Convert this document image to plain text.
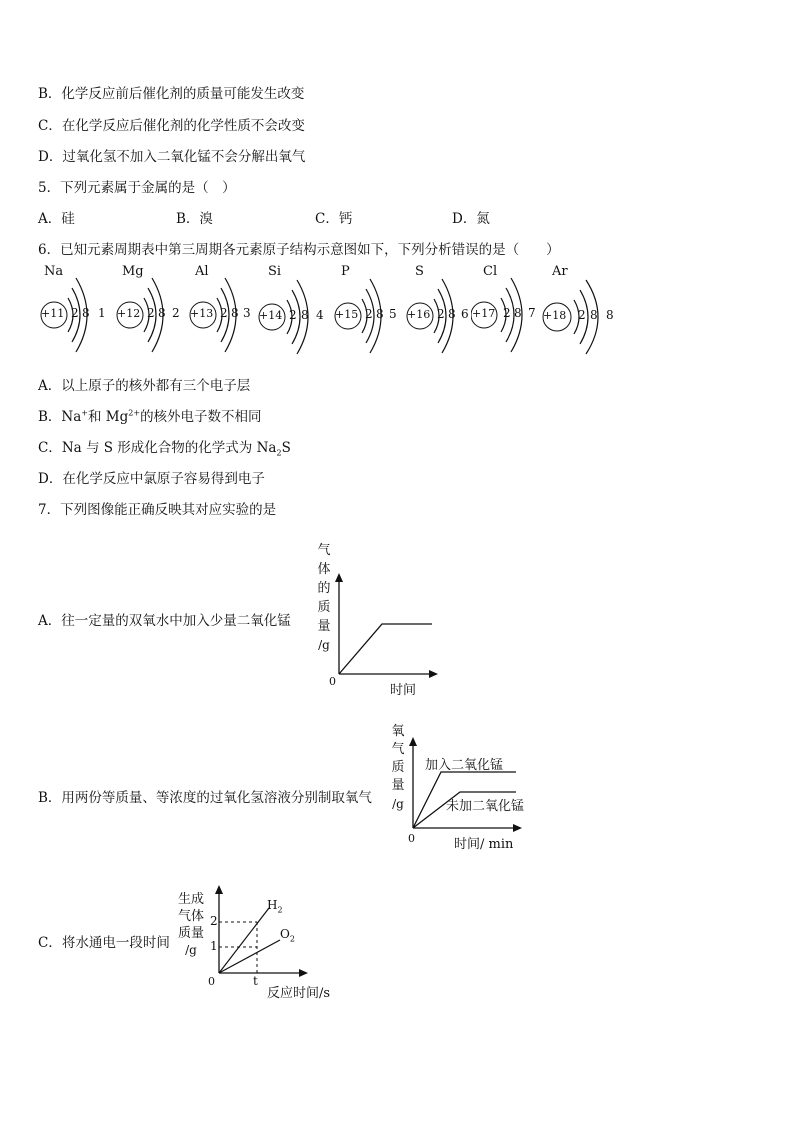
B．化学反应前后催化剂的质量可能发生改变
C．在化学反应后催化剂的化学性质不会改变
D．过氧化氢不加入二氧化锰不会分解出氧气
5．下列元素属于金属的是（　）
A．硅	B．溴	C．钙	D．氮
6．已知元素周期表中第三周期各元素原子结构示意图如下，下列分析错误的是（　　）
Na
+11 2 8 1
Mg
+12 2 8 2
Al
+13 2 8 3
Si
+14 2 8 4
P
+15 2 8 5
S
+16 2 8 6
Cl
+17 2 8 7
Ar
+18 2 8 8
A．以上原子的核外都有三个电子层
B．Na+和 $Mg^{2+}$的核外电子数不相同
C．Na 与 S 形成化合物的化学式为 $Na_2S$
D．在化学反应中氯原子容易得到电子
7．下列图像能正确反映其对应实验的是
A．往一定量的双氧水中加入少量二氧化锰
气
体
的
质
量
/g
0
时间
B．用两份等质量、等浓度的过氧化氢溶液分别制取氧气
氧
气
质
量
/g
加入二氧化锰
未加二氧化锰
0	时间/ min
C．将水通电一段时间
生成
气体
质量
/g
2
1
0	t
反应时间/s
$H_2$
$O_2$
